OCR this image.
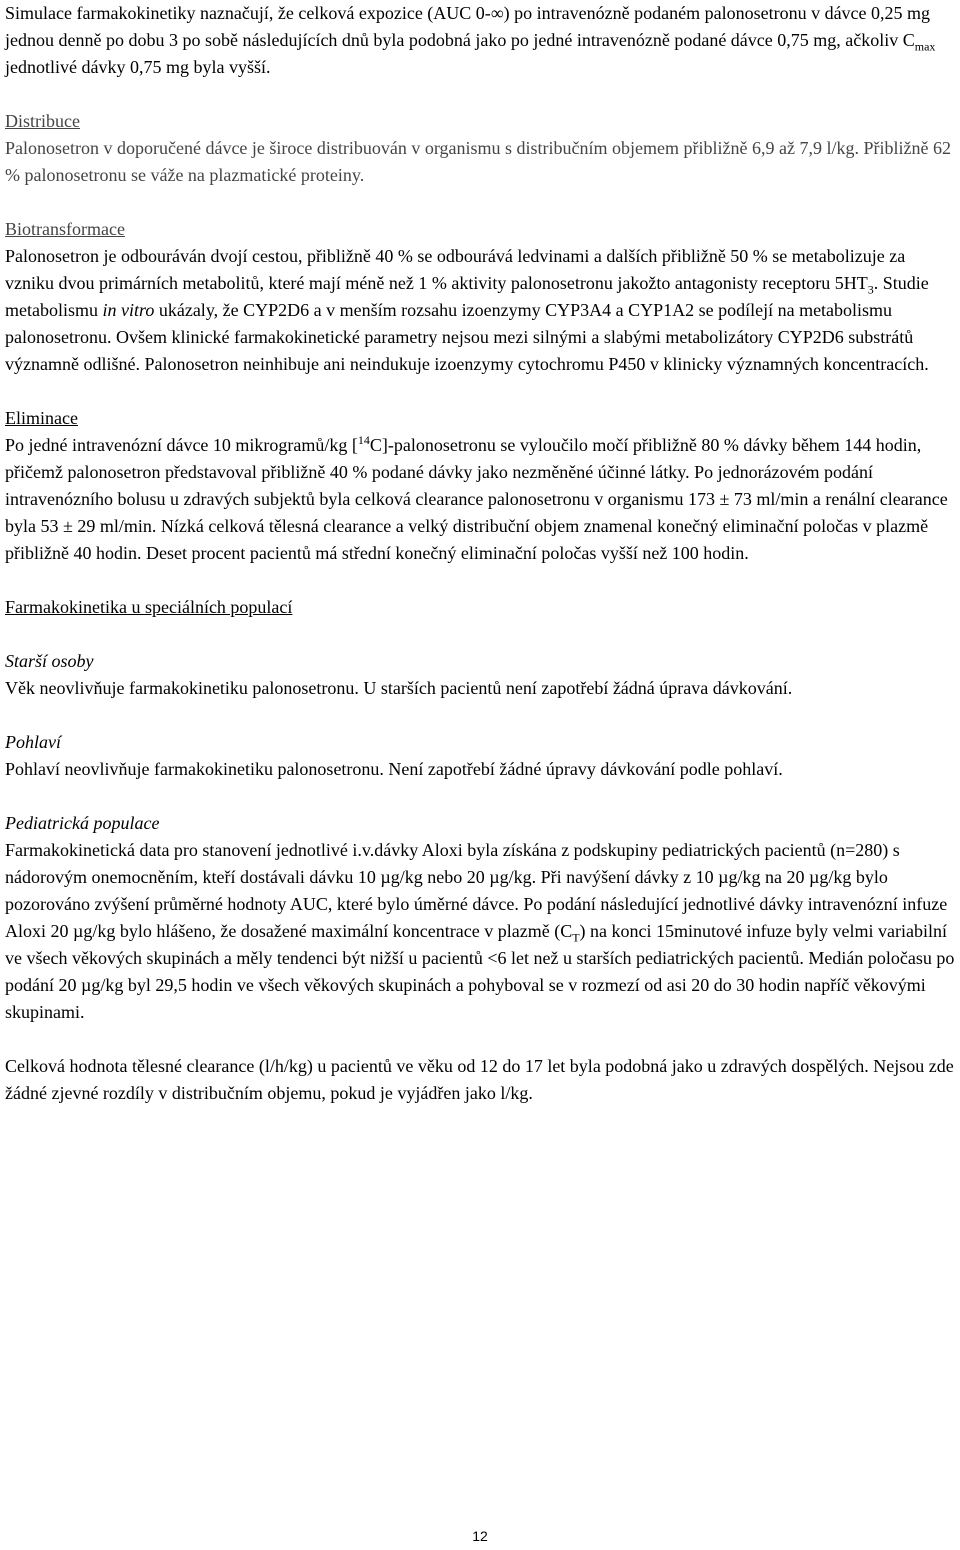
Simulace farmakokinetiky naznačují, že celková expozice (AUC 0-∞) po intravenózně podaném palonosetronu v dávce 0,25 mg jednou denně po dobu 3 po sobě následujících dnů byla podobná jako po jedné intravenózně podané dávce 0,75 mg, ačkoliv $C_{max}$ jednotlivé dávky 0,75 mg byla vyšší.

Distribuce

Palonosetron v doporučené dávce je široce distribuován v organismu s distribučním objemem přibližně 6,9 až 7,9 l/kg. Přibližně 62 % palonosetronu se váže na plazmatické proteiny.

Biotransformace

Palonosetron je odbouráván dvojí cestou, přibližně 40 % se odbourává ledvinami a dalších přibližně 50 % se metabolizuje za vzniku dvou primárních metabolitů, které mají méně než 1 % aktivity palonosetronu jakožto antagonisty receptoru $5HT_3$. Studie metabolismu in vitro ukázaly, že CYP2D6 a v menším rozsahu izoenzymy CYP3A4 a CYP1A2 se podílejí na metabolismu palonosetronu. Ovšem klinické farmakokinetické parametry nejsou mezi silnými a slabými metabolizátory CYP2D6 substrátů významně odlišné. Palonosetron neinhibuje ani neindukuje izoenzymy cytochromu P450 v klinicky významných koncentracích.

Eliminace

Po jedné intravenózní dávce 10 mikrogramů/kg [$^{14}$C]-palonosetronu se vyloučilo močí přibližně 80 % dávky během 144 hodin, přičemž palonosetron představoval přibližně 40 % podané dávky jako nezměněné účinné látky. Po jednorázovém podání intravenózního bolusu u zdravých subjektů byla celková clearance palonosetronu v organismu 173 ± 73 ml/min a renální clearance byla 53 ± 29 ml/min. Nízká celková tělesná clearance a velký distribuční objem znamenal konečný eliminační poločas v plazmě přibližně 40 hodin. Deset procent pacientů má střední konečný eliminační poločas vyšší než 100 hodin.

Farmakokinetika u speciálních populací

Starší osoby

Věk neovlivňuje farmakokinetiku palonosetronu. U starších pacientů není zapotřebí žádná úprava dávkování.

Pohlaví

Pohlaví neovlivňuje farmakokinetiku palonosetronu. Není zapotřebí žádné úpravy dávkování podle pohlaví.

Pediatrická populace

Farmakokinetická data pro stanovení jednotlivé i.v.dávky Aloxi byla získána z podskupiny pediatrických pacientů (n=280) s nádorovým onemocněním, kteří dostávali dávku 10 µg/kg nebo 20 µg/kg. Při navýšení dávky z 10 µg/kg na 20 µg/kg bylo pozorováno zvýšení průměrné hodnoty AUC, které bylo úměrné dávce. Po podání následující jednotlivé dávky intravenózní infuze Aloxi 20 µg/kg bylo hlášeno, že dosažené maximální koncentrace v plazmě $(C_T)$ na konci 15minutové infuze byly velmi variabilní ve všech věkových skupinách a měly tendenci být nižší u pacientů <6 let než u starších pediatrických pacientů. Medián poločasu po podání 20 µg/kg byl 29,5 hodin ve všech věkových skupinách a pohyboval se v rozmezí od asi 20 do 30 hodin napříč věkovými skupinami.

Celková hodnota tělesné clearance (l/h/kg) u pacientů ve věku od 12 do 17 let byla podobná jako u zdravých dospělých. Nejsou zde žádné zjevné rozdíly v distribučním objemu, pokud je vyjádřen jako l/kg.

12
